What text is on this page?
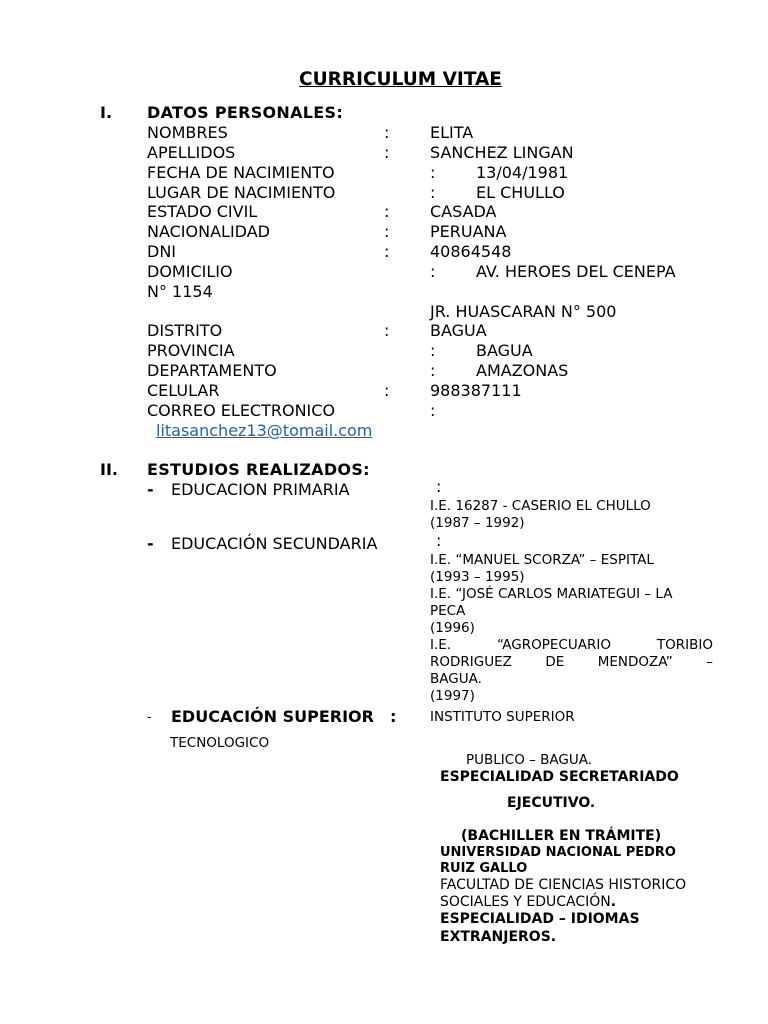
CURRICULUM VITAE
I. DATOS PERSONALES:
NOMBRES
APELLIDOS
FECHA DE NACIMIENTO
LUGAR DE NACIMIENTO
ESTADO CIVIL
NACIONALIDAD
DNI
DOMICILIO
N° 1154
DISTRITO
PROVINCIA
DEPARTAMENTO
CELULAR
CORREO ELECTRONICO
:
:
:
:
:
:
:
:
:
:
:
:
:
ELITA
SANCHEZ LINGAN
13/04/1981
EL CHULLO
CASADA
PERUANA
40864548
AV. HEROES DEL CENEPA
JR. HUASCARAN N° 500
BAGUA
BAGUA
AMAZONAS
988387111
litasanchez13@tomail.com
II. ESTUDIOS REALIZADOS:
- EDUCACION PRIMARIA	:
I.E. 16287 - CASERIO EL CHULLO
(1987 – 1992)
- EDUCACIÓN SECUNDARIA	:
I.E. “MANUEL SCORZA” – ESPITAL
(1993 – 1995)
I.E. “JOSÉ CARLOS MARIATEGUI – LA
PECA
(1996)
I.E. “AGROPECUARIO TORIBIO
RODRIGUEZ DE MENDOZA” –
BAGUA.
(1997)
- EDUCACIÓN SUPERIOR : INSTITUTO SUPERIOR
TECNOLOGICO
PUBLICO – BAGUA.
ESPECIALIDAD SECRETARIADO
EJECUTIVO.
(BACHILLER EN TRÁMITE)
UNIVERSIDAD NACIONAL PEDRO
RUIZ GALLO
FACULTAD DE CIENCIAS HISTORICO
SOCIALES Y EDUCACIÓN.
ESPECIALIDAD – IDIOMAS
EXTRANJEROS.
